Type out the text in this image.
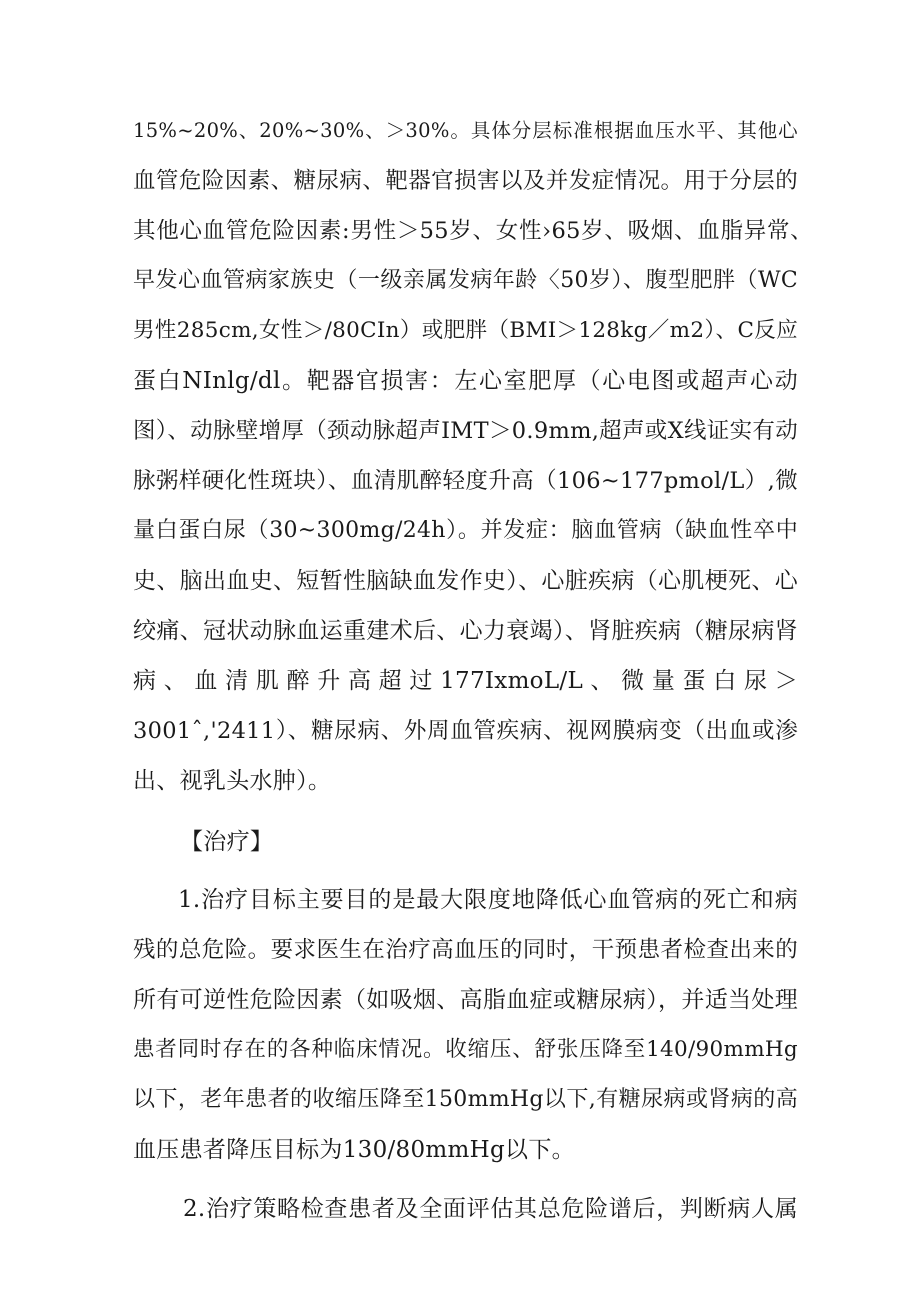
15%~20%、20%~30%、＞30%。具体分层标准根据血压水平、其他心
血管危险因素、糖尿病、靶器官损害以及并发症情况。用于分层的
其他心血管危险因素:男性＞55岁、女性›65岁、吸烟、血脂异常、
早发心血管病家族史（一级亲属发病年龄〈50岁）、腹型肥胖（WC
男性285cm,女性＞/80CIn）或肥胖（BMI＞128kg／m2）、C反应
蛋白NInlg/dl。靶器官损害：左心室肥厚（心电图或超声心动
图）、动脉壁增厚（颈动脉超声IMT＞0.9mm,超声或X线证实有动
脉粥样硬化性斑块）、血清肌醉轻度升高（106~177pmol/L）,微
量白蛋白尿（30~300mg/24h）。并发症：脑血管病（缺血性卒中
史、脑出血史、短暂性脑缺血发作史）、心脏疾病（心肌梗死、心
绞痛、冠状动脉血运重建术后、心力衰竭）、肾脏疾病（糖尿病肾
病、血清肌醉升高超过177IxmoL/L、微量蛋白尿＞
3001ˆ,'2411）、糖尿病、外周血管疾病、视网膜病变（出血或渗
出、视乳头水肿）。
【治疗】
1.治疗目标主要目的是最大限度地降低心血管病的死亡和病
残的总危险。要求医生在治疗高血压的同时，干预患者检查出来的
所有可逆性危险因素（如吸烟、高脂血症或糖尿病），并适当处理
患者同时存在的各种临床情况。收缩压、舒张压降至140/90mmHg
以下，老年患者的收缩压降至150mmHg以下,有糖尿病或肾病的高
血压患者降压目标为130/80mmHg以下。
2.治疗策略检查患者及全面评估其总危险谱后，判断病人属
